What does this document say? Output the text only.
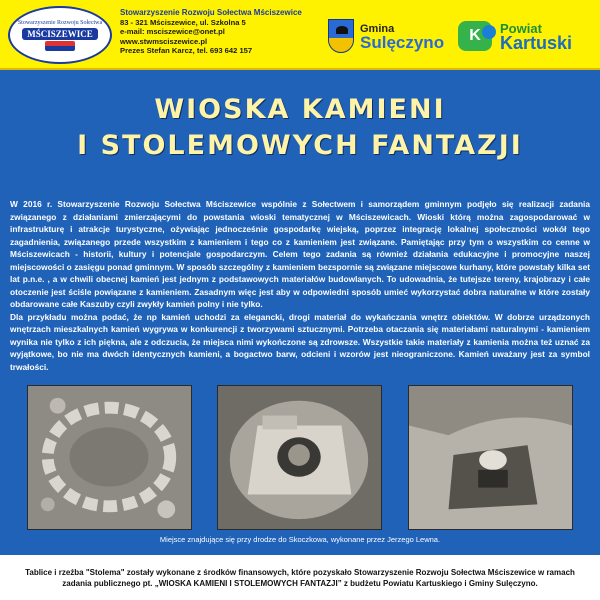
Stowarzyszenie Rozwoju Sołectwa
MŚCISZEWICE
Stowarzyszenie Rozwoju Sołectwa Mściszewice
83 - 321 Mściszewice, ul. Szkolna 5
e-mail: msciszewice@onet.pl
www.stwmsciszewice.pl
Prezes Stefan Karcz, tel. 693 642 157
Gmina
Sulęczyno	K	Powiat
Kartuski
WIOSKA KAMIENI
I STOLEMOWYCH FANTAZJI

W 2016 r. Stowarzyszenie Rozwoju Sołectwa Mściszewice wspólnie z Sołectwem i samorządem gminnym podjęło się realizacji zadania związanego z działaniami zmierzającymi do powstania wioski tematycznej w Mściszewicach. Wioski którą można zagospodarować w infrastrukturę i atrakcje turystyczne, ożywiając jednocześnie gospodarkę wiejską, poprzez integrację lokalnej społeczności wokół tego zagadnienia, związanego przede wszystkim z kamieniem i tego co z kamieniem jest związane. Pamiętając przy tym o wszystkim co cenne w Mściszewicach - historii, kultury i potencjale gospodarczym. Celem tego zadania są również działania edukacyjne i promocyjne naszej miejscowości o zasięgu ponad gminnym. W sposób szczególny z kamieniem bezspornie są związane miejscowe kurhany, które powstały kilka set lat p.n.e. , a w chwili obecnej kamień jest jednym z podstawowych materiałów budowlanych. To udowadnia, że tutejsze tereny, krajobrazy i całe otoczenie jest ściśle powiązane z kamieniem. Zasadnym więc jest aby w odpowiedni sposób umieć wykorzystać dobra naturalne w które zostały obdarowane całe Kaszuby czyli zwykły kamień polny i nie tylko.

Dla przykładu można podać, że np kamień uchodzi za elegancki, drogi materiał do wykańczania wnętrz obiektów. W dobrze urządzonych wnętrzach mieszkalnych kamień wygrywa w konkurencji z tworzywami sztucznymi. Potrzeba otaczania się materiałami naturalnymi - kamieniem wynika nie tylko z ich piękna, ale z odczucia, że miejsca nimi wykończone są zdrowsze. Wszystkie takie materiały z kamienia można też uznać za wyjątkowe, bo nie ma dwóch identycznych kamieni, a bogactwo barw, odcieni i wzorów jest nieograniczone. Kamień uważany jest za symbol trwałości.

Miejsce znajdujące się przy drodze do Skoczkowa, wykonane przez Jerzego Lewna.
Tablice i rzeźba "Stolema" zostały wykonane z środków finansowych, które pozyskało Stowarzyszenie Rozwoju Sołectwa Mściszewice w ramach
zadania publicznego pt. „WIOSKA KAMIENI I STOLEMOWYCH FANTAZJI” z budżetu Powiatu Kartuskiego i Gminy Sulęczyno.
